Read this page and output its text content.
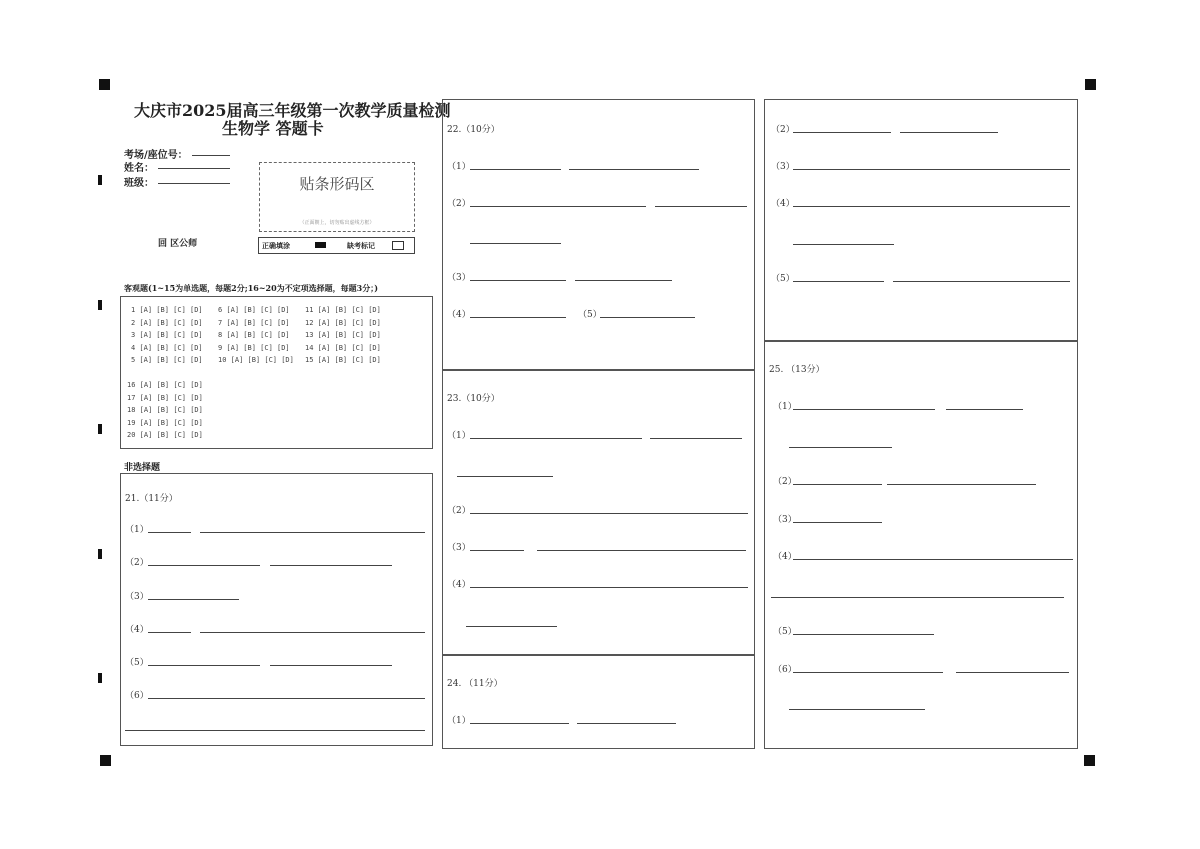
大庆市2025届高三年级第一次教学质量检测
生物学 答题卡
考场/座位号：
姓名：
班级：	贴条形码区
（正面朝上，切勿贴出虚线方框）
回 区公师	正确填涂	缺考标记
客观题(1~15为单选题，每题2分;16~20为不定项选择题，每题3分；)
1 [A] [B] [C] [D] 6 [A] [B] [C] [D] 11 [A] [B] [C] [D]
2 [A] [B] [C] [D] 7 [A] [B] [C] [D] 12 [A] [B] [C] [D]
3 [A] [B] [C] [D] 8 [A] [B] [C] [D] 13 [A] [B] [C] [D]
4 [A] [B] [C] [D] 9 [A] [B] [C] [D] 14 [A] [B] [C] [D]
5 [A] [B] [C] [D] 10 [A] [B] [C] [D] 15 [A] [B] [C] [D]
16 [A] [B] [C] [D]
17 [A] [B] [C] [D]
18 [A] [B] [C] [D]
19 [A] [B] [C] [D]
20 [A] [B] [C] [D]
非选择题
21.（11分）
（1）
（2）
（3）
（4）
（5）
（6）
22.（10分）
（1）
（2）
（3）
（4）	（5）
23.（10分）
（1）
（2）
（3）
（4）
24. （11分）
（1）
（2）
（3）
（4）
（5）
25. （13分）
（1）
（2）
（3）
（4）
（5）
（6）
